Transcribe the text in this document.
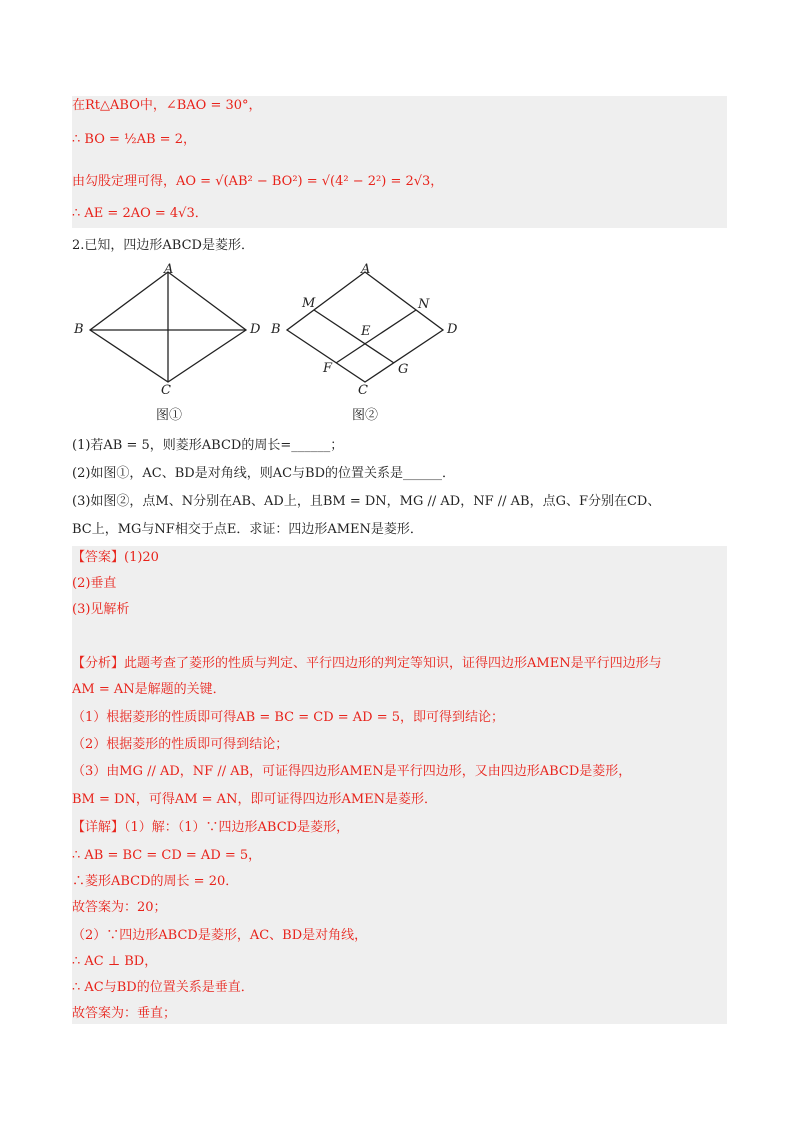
在Rt△ABO中，∠BAO = 30°，
∴ BO = ½AB = 2，
由勾股定理可得，AO = √(AB² − BO²) = √(4² − 2²) = 2√3，
∴ AE = 2AO = 4√3．
2.已知，四边形ABCD是菱形．
A
B
C
D
图①
A
B
C
D
M	N
E
F	G
图②
(1)若AB = 5，则菱形ABCD的周长=______；
(2)如图①，AC、BD是对角线，则AC与BD的位置关系是______．
(3)如图②，点M、N分别在AB、AD上，且BM = DN，MG // AD，NF // AB，点G、F分别在CD、
BC上，MG与NF相交于点E．求证：四边形AMEN是菱形．
【答案】(1)20
(2)垂直
(3)见解析
【分析】此题考查了菱形的性质与判定、平行四边形的判定等知识，证得四边形AMEN是平行四边形与
AM = AN是解题的关键．
（1）根据菱形的性质即可得AB = BC = CD = AD = 5，即可得到结论；
（2）根据菱形的性质即可得到结论；
（3）由MG // AD，NF // AB，可证得四边形AMEN是平行四边形，又由四边形ABCD是菱形，
BM = DN，可得AM = AN，即可证得四边形AMEN是菱形．
【详解】（1）解：（1）∵四边形ABCD是菱形，
∴ AB = BC = CD = AD = 5，
∴菱形ABCD的周长 = 20．
故答案为：20；
（2）∵四边形ABCD是菱形，AC、BD是对角线，
∴ AC ⊥ BD，
∴ AC与BD的位置关系是垂直．
故答案为：垂直；
